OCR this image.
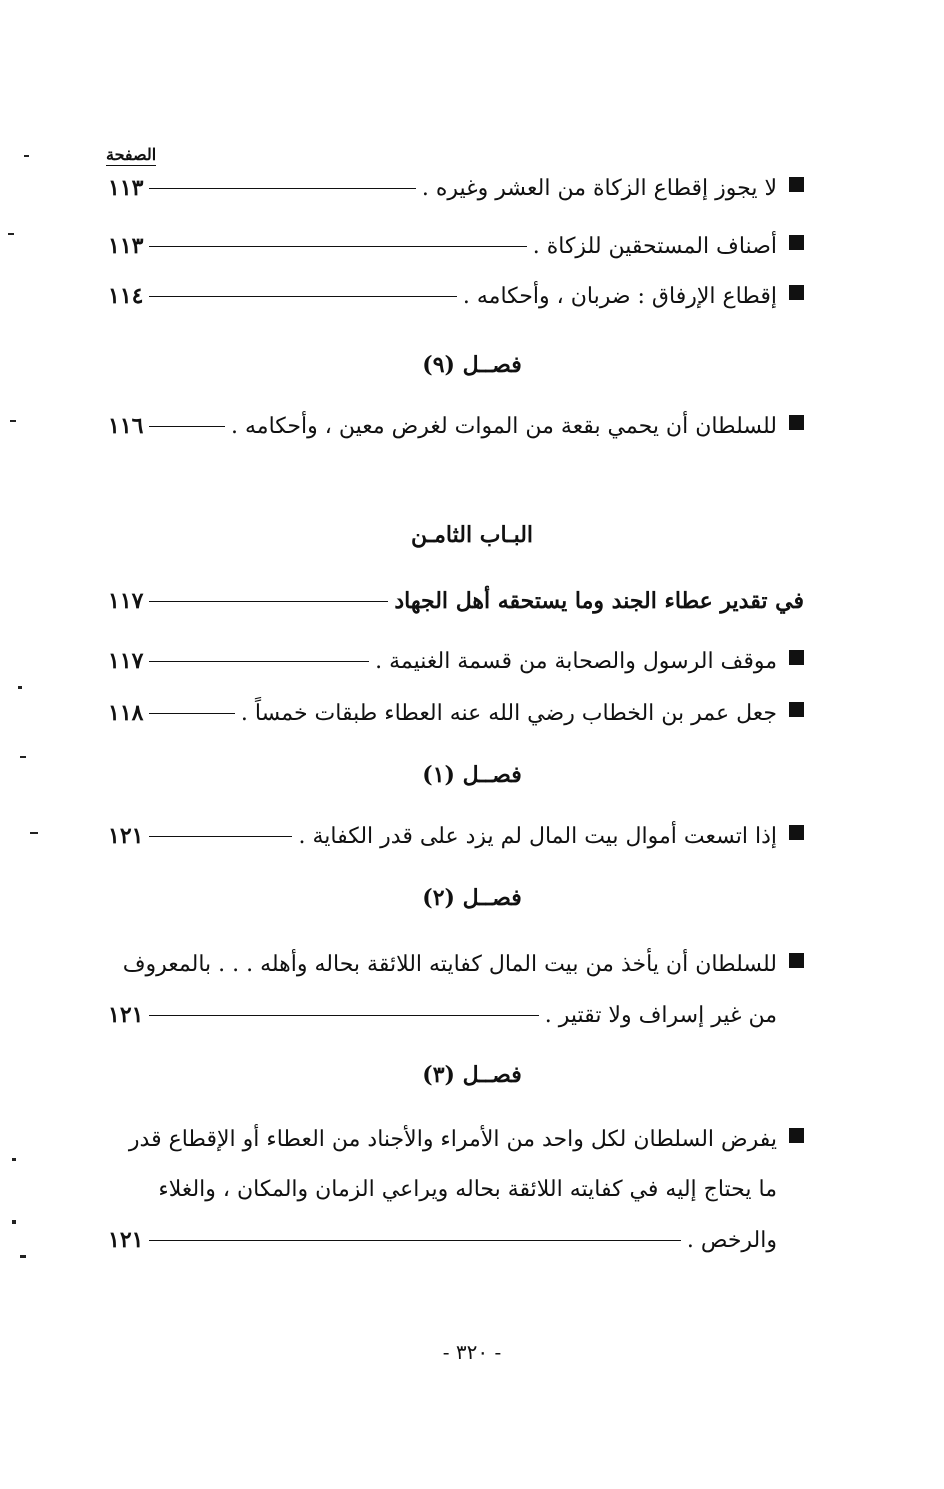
الصفحة
لا يجوز إقطاع الزكاة من العشر وغيره .
١١٣
أصناف المستحقين للزكاة .
١١٣
إقطاع الإرفاق : ضربان ، وأحكامه .
١١٤
فصــل (٩)
للسلطان أن يحمي بقعة من الموات لغرض معين ، وأحكامه .
١١٦
البـاب الثامـن
في تقدير عطاء الجند وما يستحقه أهل الجهاد
١١٧
موقف الرسول والصحابة من قسمة الغنيمة .
١١٧
جعل عمر بن الخطاب رضي الله عنه العطاء طبقات خمساً .
١١٨
فصــل (١)
إذا اتسعت أموال بيت المال لم يزد على قدر الكفاية .
١٢١
فصــل (٢)
للسلطان أن يأخذ من بيت المال كفايته اللائقة بحاله وأهله . . . بالمعروف
من غير إسراف ولا تقتير .
١٢١
فصــل (٣)
يفرض السلطان لكل واحد من الأمراء والأجناد من العطاء أو الإقطاع قدر
ما يحتاج إليه في كفايته اللائقة بحاله ويراعي الزمان والمكان ، والغلاء
والرخص .
١٢١
- ٣٢٠ -
